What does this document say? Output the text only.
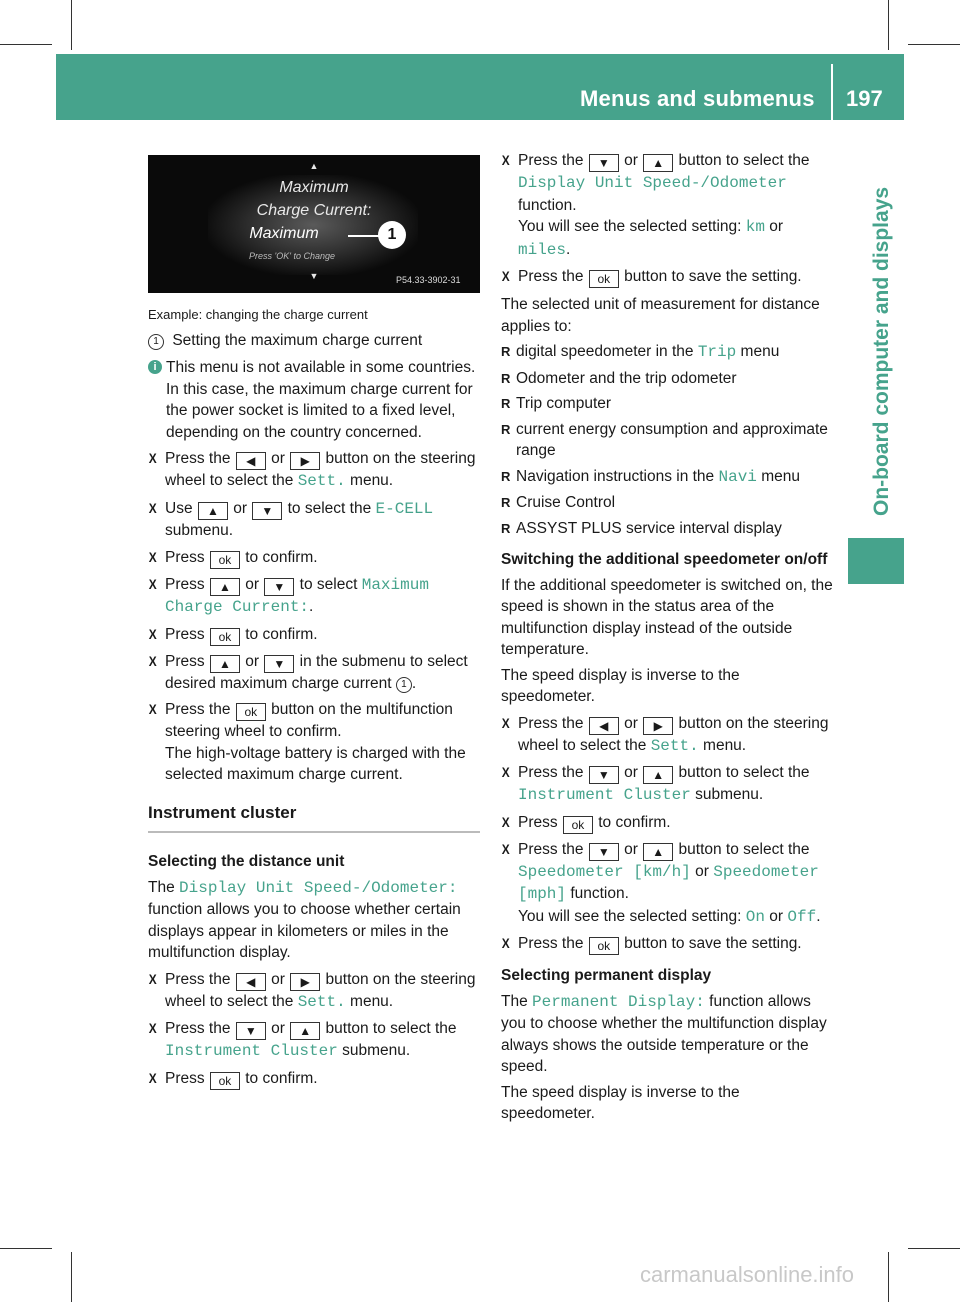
Menus and submenus 197
On-board computer and displays
▲
Maximum
Charge Current:
Maximum	1
Press 'OK' to Change
▼	P54.33-3902-31

Example: changing the charge current

1 Setting the maximum charge current

i This menu is not available in some countries. In this case, the maximum charge current for the power socket is limited to a fixed level, depending on the country concerned.

X Press the ◀ or ▶ button on the steering wheel to select the Sett. menu.

X Use ▲ or ▼ to select the E-CELL submenu.

X Press ok to confirm.

X Press ▲ or ▼ to select Maximum Charge Current:.

X Press ok to confirm.

X Press ▲ or ▼ in the submenu to select desired maximum charge current 1 .

X Press the ok button on the multifunction steering wheel to confirm.
The high-voltage battery is charged with the selected maximum charge current.

Instrument cluster

Selecting the distance unit

The Display Unit Speed-/Odometer: function allows you to choose whether certain displays appear in kilometers or miles in the multifunction display.

X Press the ◀ or ▶ button on the steering wheel to select the Sett. menu.

X Press the ▼ or ▲ button to select the Instrument Cluster submenu.

X Press ok to confirm.

X Press the ▼ or ▲ button to select the Display Unit Speed-/Odometer function.
You will see the selected setting: km or miles.

X Press the ok button to save the setting.

The selected unit of measurement for distance applies to:

R digital speedometer in the Trip menu

R Odometer and the trip odometer

R Trip computer

R current energy consumption and approximate range

R Navigation instructions in the Navi menu

R Cruise Control

R ASSYST PLUS service interval display

Switching the additional speedometer on/off

If the additional speedometer is switched on, the speed is shown in the status area of the multifunction display instead of the outside temperature.

The speed display is inverse to the speedometer.

X Press the ◀ or ▶ button on the steering wheel to select the Sett. menu.

X Press the ▼ or ▲ button to select the Instrument Cluster submenu.

X Press ok to confirm.

X Press the ▼ or ▲ button to select the Speedometer [km/h] or Speedometer [mph] function.
You will see the selected setting: On or Off.

X Press the ok button to save the setting.

Selecting permanent display

The Permanent Display: function allows you to choose whether the multifunction display always shows the outside temperature or the speed.

The speed display is inverse to the speedometer.

carmanualsonline.info
